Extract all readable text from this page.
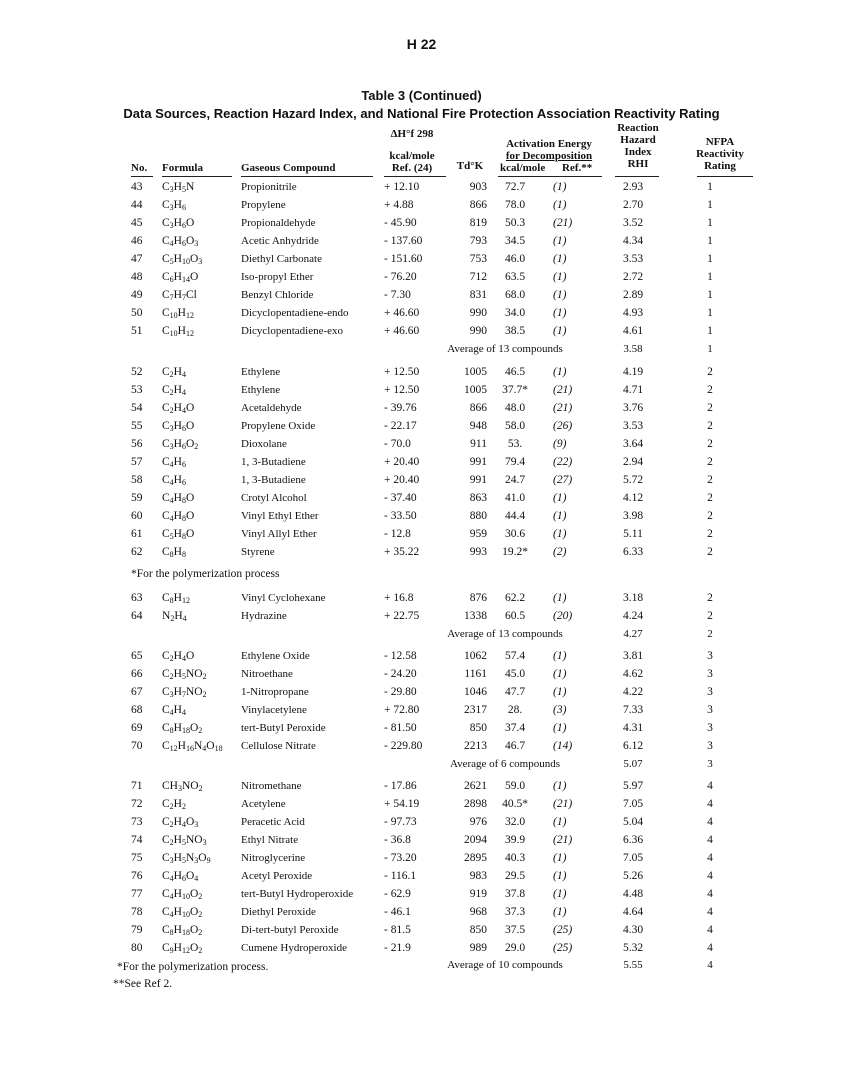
H 22
Table 3 (Continued)
Data Sources, Reaction Hazard Index, and National Fire Protection Association Reactivity Rating
No. Formula	Gaseous Compound
ΔH°f 298
kcal/mole
Ref. (24)	Td°K
Activation Energy
for Decomposition
kcal/mole Ref.**
Reaction
Hazard
Index
RHI
NFPA
Reactivity
Rating
43	$C_3H_5N$	Propionitrile	+ 12.10	903	72.7	(1)	2.93	1
44	$C_3H_6$	Propylene	+ 4.88	866	78.0	(1)	2.70	1
45	$C_3H_6O$	Propionaldehyde	- 45.90	819	50.3	(21)	3.52	1
46	$C_4H_6O_3$	Acetic Anhydride	- 137.60	793	34.5	(1)	4.34	1
47	$C_5H_{10}O_3$	Diethyl Carbonate	- 151.60	753	46.0	(1)	3.53	1
48	$C_6H_{14}O$	Iso-propyl Ether	- 76.20	712	63.5	(1)	2.72	1
49	$C_7H_7Cl$	Benzyl Chloride	- 7.30	831	68.0	(1)	2.89	1
50	$C_{10}H_{12}$	Dicyclopentadiene-endo	+ 46.60	990	34.0	(1)	4.93	1
51	$C_{10}H_{12}$	Dicyclopentadiene-exo	+ 46.60	990	38.5	(1)	4.61	1
52	$C_2H_4$	Ethylene	+ 12.50	1005	46.5	(1)	4.19	2
53	$C_2H_4$	Ethylene	+ 12.50	1005	37.7*	(21)	4.71	2
54	$C_2H_4O$	Acetaldehyde	- 39.76	866	48.0	(21)	3.76	2
55	$C_3H_6O$	Propylene Oxide	- 22.17	948	58.0	(26)	3.53	2
56	$C_3H_6O_2$	Dioxolane	- 70.0	911	53.	(9)	3.64	2
57	$C_4H_6$	1, 3-Butadiene	+ 20.40	991	79.4	(22)	2.94	2
58	$C_4H_6$	1, 3-Butadiene	+ 20.40	991	24.7	(27)	5.72	2
59	$C_4H_8O$	Crotyl Alcohol	- 37.40	863	41.0	(1)	4.12	2
60	$C_4H_8O$	Vinyl Ethyl Ether	- 33.50	880	44.4	(1)	3.98	2
61	$C_5H_8O$	Vinyl Allyl Ether	- 12.8	959	30.6	(1)	5.11	2
62	$C_8H_8$	Styrene	+ 35.22	993	19.2*	(2)	6.33	2
63	$C_8H_{12}$	Vinyl Cyclohexane	+ 16.8	876	62.2	(1)	3.18	2
64	$N_2H_4$	Hydrazine	+ 22.75	1338	60.5	(20)	4.24	2
65	$C_2H_4O$	Ethylene Oxide	- 12.58	1062	57.4	(1)	3.81	3
66	$C_2H_5NO_2$	Nitroethane	- 24.20	1161	45.0	(1)	4.62	3
67	$C_3H_7NO_2$	1-Nitropropane	- 29.80	1046	47.7	(1)	4.22	3
68	$C_4H_4$	Vinylacetylene	+ 72.80	2317	28.	(3)	7.33	3
69	$C_8H_{18}O_2$	tert-Butyl Peroxide	- 81.50	850	37.4	(1)	4.31	3
70	$C_{12}H_{16}N_4O_{18}$	Cellulose Nitrate	- 229.80	2213	46.7	(14)	6.12	3
71	$CH_3NO_2$	Nitromethane	- 17.86	2621	59.0	(1)	5.97	4
72	$C_2H_2$	Acetylene	+ 54.19	2898	40.5*	(21)	7.05	4
73	$C_2H_4O_3$	Peracetic Acid	- 97.73	976	32.0	(1)	5.04	4
74	$C_2H_5NO_3$	Ethyl Nitrate	- 36.8	2094	39.9	(21)	6.36	4
75	$C_3H_5N_3O_9$	Nitroglycerine	- 73.20	2895	40.3	(1)	7.05	4
76	$C_4H_6O_4$	Acetyl Peroxide	- 116.1	983	29.5	(1)	5.26	4
77	$C_4H_{10}O_2$	tert-Butyl Hydroperoxide	- 62.9	919	37.8	(1)	4.48	4
78	$C_4H_{10}O_2$	Diethyl Peroxide	- 46.1	968	37.3	(1)	4.64	4
79	$C_8H_{18}O_2$	Di-tert-butyl Peroxide	- 81.5	850	37.5	(25)	4.30	4
80	$C_9H_{12}O_2$	Cumene Hydroperoxide	- 21.9	989	29.0	(25)	5.32	4
Average of 13 compounds	3.58	1
Average of 13 compounds	4.27	2
Average of 6 compounds	5.07	3
Average of 10 compounds	5.55	4
*For the polymerization process
*For the polymerization process.
**See Ref 2.
